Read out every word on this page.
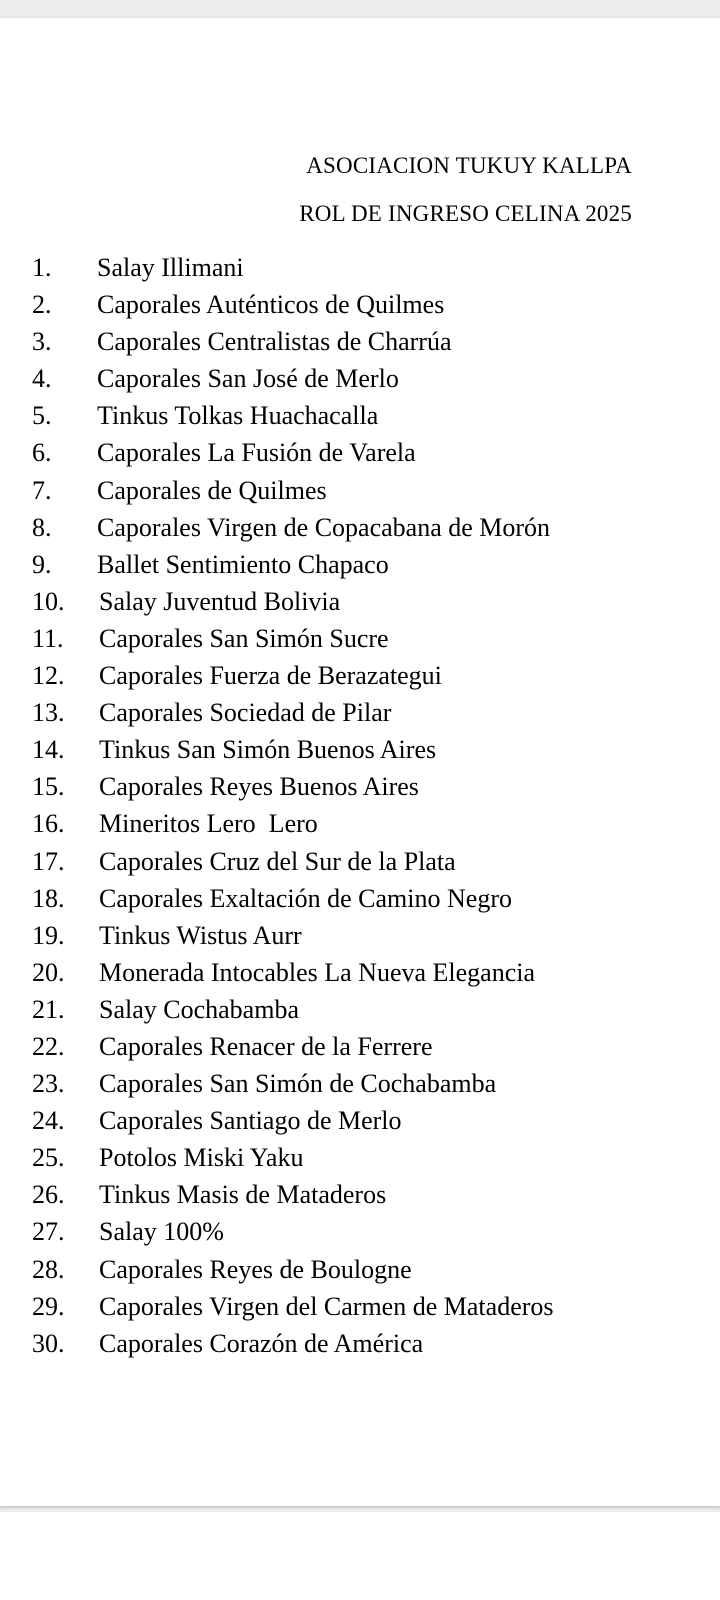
ASOCIACION TUKUY KALLPA
ROL DE INGRESO CELINA 2025
1. Salay Illimani
2. Caporales Auténticos de Quilmes
3. Caporales Centralistas de Charrúa
4. Caporales San José de Merlo
5. Tinkus Tolkas Huachacalla
6. Caporales La Fusión de Varela
7. Caporales de Quilmes
8. Caporales Virgen de Copacabana de Morón
9. Ballet Sentimiento Chapaco
10. Salay Juventud Bolivia
11. Caporales San Simón Sucre
12. Caporales Fuerza de Berazategui
13. Caporales Sociedad de Pilar
14. Tinkus San Simón Buenos Aires
15. Caporales Reyes Buenos Aires
16. Mineritos Lero  Lero
17. Caporales Cruz del Sur de la Plata
18. Caporales Exaltación de Camino Negro
19. Tinkus Wistus Aurr
20. Monerada Intocables La Nueva Elegancia
21. Salay Cochabamba
22. Caporales Renacer de la Ferrere
23. Caporales San Simón de Cochabamba
24. Caporales Santiago de Merlo
25. Potolos Miski Yaku
26. Tinkus Masis de Mataderos
27. Salay 100%
28. Caporales Reyes de Boulogne
29. Caporales Virgen del Carmen de Mataderos
30. Caporales Corazón de América
